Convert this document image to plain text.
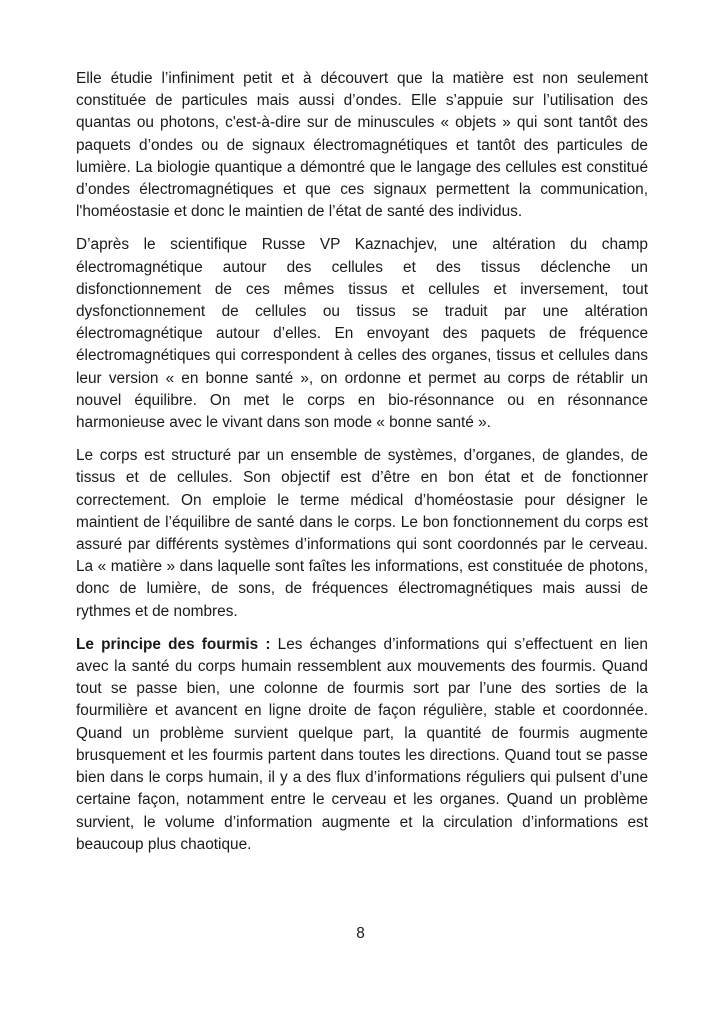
Elle étudie l’infiniment petit et à découvert que la matière est non seulement constituée de particules mais aussi d’ondes. Elle s’appuie sur l’utilisation des quantas ou photons, c'est-à-dire sur de minuscules « objets » qui sont tantôt des paquets d’ondes ou de signaux électromagnétiques et tantôt des particules de lumière. La biologie quantique a démontré que le langage des cellules est constitué d’ondes électromagnétiques et que ces signaux permettent la communication, l'homéostasie et donc le maintien de l’état de santé des individus.

D’après le scientifique Russe VP Kaznachjev, une altération du champ électromagnétique autour des cellules et des tissus déclenche un disfonctionnement de ces mêmes tissus et cellules et inversement, tout dysfonctionnement de cellules ou tissus se traduit par une altération électromagnétique autour d’elles. En envoyant des paquets de fréquence électromagnétiques qui correspondent à celles des organes, tissus et cellules dans leur version « en bonne santé », on ordonne et permet au corps de rétablir un nouvel équilibre. On met le corps en bio-résonnance ou en résonnance harmonieuse avec le vivant dans son mode « bonne santé ».

Le corps est structuré par un ensemble de systèmes, d’organes, de glandes, de tissus et de cellules. Son objectif est d’être en bon état et de fonctionner correctement. On emploie le terme médical d’homéostasie pour désigner le maintient de l’équilibre de santé dans le corps. Le bon fonctionnement du corps est assuré par différents systèmes d’informations qui sont coordonnés par le cerveau. La « matière » dans laquelle sont faîtes les informations, est constituée de photons, donc de lumière, de sons, de fréquences électromagnétiques mais aussi de rythmes et de nombres.

Le principe des fourmis : Les échanges d’informations qui s’effectuent en lien avec la santé du corps humain ressemblent aux mouvements des fourmis. Quand tout se passe bien, une colonne de fourmis sort par l’une des sorties de la fourmilière et avancent en ligne droite de façon régulière, stable et coordonnée. Quand un problème survient quelque part, la quantité de fourmis augmente brusquement et les fourmis partent dans toutes les directions. Quand tout se passe bien dans le corps humain, il y a des flux d’informations réguliers qui pulsent d’une certaine façon, notamment entre le cerveau et les organes. Quand un problème survient, le volume d’information augmente et la circulation d’informations est beaucoup plus chaotique.

8
